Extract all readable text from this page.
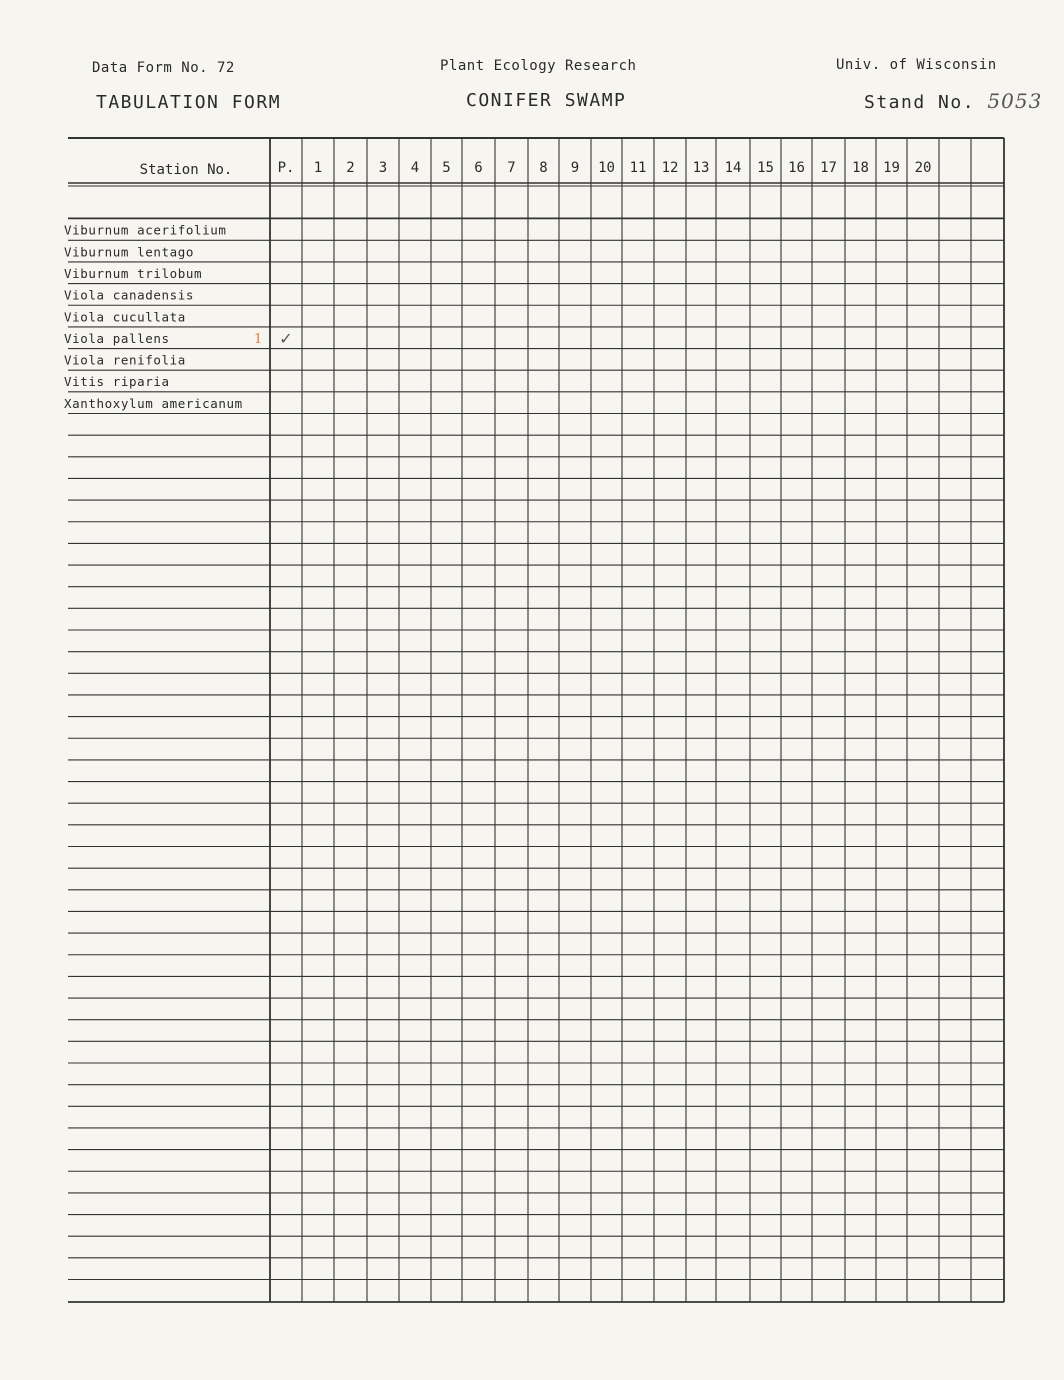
Data Form No. 72	Plant Ecology Research	Univ. of Wisconsin
TABULATION FORM	CONIFER SWAMP	Stand No. 5053
Station No.	P. 1 2 3 4 5 6 7 8 9 10 11 12 13 14 15 16 17 18 19 20
Viburnum acerifolium
Viburnum lentago
Viburnum trilobum
Viola canadensis
Viola cucullata
Viola pallens	1 ✓
Viola renifolia
Vitis riparia
Xanthoxylum americanum
